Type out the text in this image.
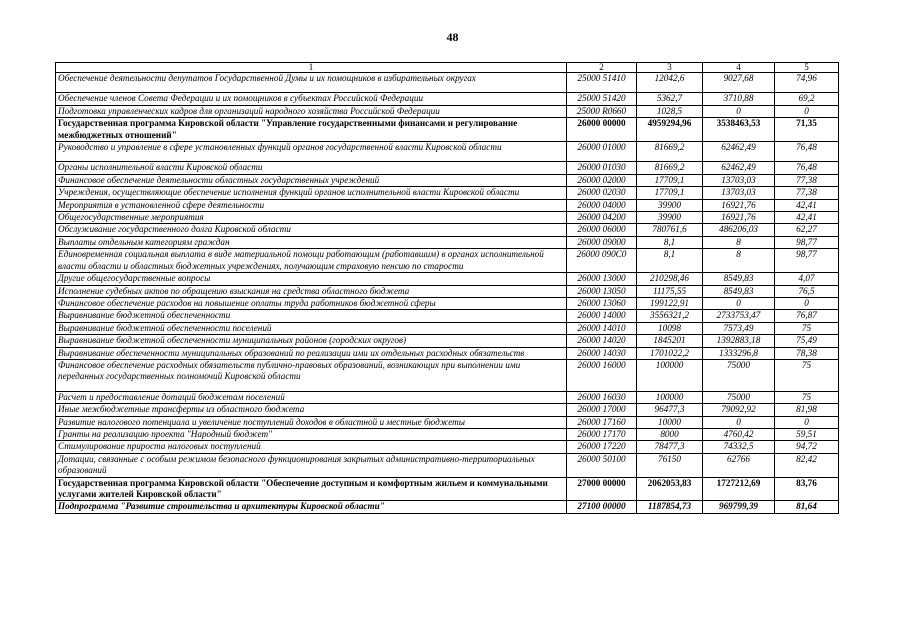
48
1	2	3	4	5
Обеспечение деятельности депутатов Государственной Думы и их помощников в избирательных округах	25000 51410	12042,6	9027,68	74,96
Обеспечение членов Совета Федерации и их помощников в субъектах Российской Федерации	25000 51420	5362,7	3710,88	69,2
Подготовка управленческих кадров для организаций народного хозяйства Российской Федерации	25000 R0660	1028,5	0	0
Государственная программа Кировской области "Управление государственными финансами и регулирование межбюджетных отношений"	26000 00000	4959294,96	3538463,53	71,35
Руководство и управление в сфере установленных функций органов государственной власти Кировской области	26000 01000	81669,2	62462,49	76,48
Органы исполнительной власти Кировской области	26000 01030	81669,2	62462,49	76,48
Финансовое обеспечение деятельности областных государственных учреждений	26000 02000	17709,1	13703,03	77,38
Учреждения, осуществляющие обеспечение исполнения функций органов исполнительной власти Кировской области	26000 02030	17709,1	13703,03	77,38
Мероприятия в установленной сфере деятельности	26000 04000	39900	16921,76	42,41
Общегосударственные мероприятия	26000 04200	39900	16921,76	42,41
Обслуживание государственного долга Кировской области	26000 06000	780761,6	486206,03	62,27
Выплаты отдельным категориям граждан	26000 09000	8,1	8	98,77
Единовременная социальная выплата в виде материальной помощи работающим (работавшим) в органах исполнительной власти области и областных бюджетных учреждениях, получающим страховую пенсию по старости	26000 090С0	8,1	8	98,77
Другие общегосударственные вопросы	26000 13000	210298,46	8549,83	4,07
Исполнение судебных актов по обращению взыскания на средства областного бюджета	26000 13050	11175,55	8549,83	76,5
Финансовое обеспечение расходов на повышение оплаты труда работников бюджетной сферы	26000 13060	199122,91	0	0
Выравнивание бюджетной обеспеченности	26000 14000	3556321,2	2733753,47	76,87
Выравнивание бюджетной обеспеченности поселений	26000 14010	10098	7573,49	75
Выравнивание бюджетной обеспеченности муниципальных районов (городских округов)	26000 14020	1845201	1392883,18	75,49
Выравнивание обеспеченности муниципальных образований по реализации ими их отдельных расходных обязательств	26000 14030	1701022,2	1333296,8	78,38
Финансовое обеспечение расходных обязательств публично-правовых образований, возникающих при выполнении ими переданных государственных полномочий Кировской области	26000 16000	100000	75000	75
Расчет и предоставление дотаций бюджетам поселений	26000 16030	100000	75000	75
Иные межбюджетные трансферты из областного бюджета	26000 17000	96477,3	79092,92	81,98
Развитие налогового потенциала и увеличение поступлений доходов в областной и местные бюджеты	26000 17160	10000	0	0
Гранты на реализацию проекта "Народный бюджет"	26000 17170	8000	4760,42	59,51
Стимулирование прироста налоговых поступлений	26000 17220	78477,3	74332,5	94,72
Дотации, связанные с особым режимом безопасного функционирования закрытых административно-территориальных образований	26000 50100	76150	62766	82,42
Государственная программа Кировской области "Обеспечение доступным и комфортным жильем и коммунальными услугами жителей Кировской области"	27000 00000	2062053,83	1727212,69	83,76
Подпрограмма "Развитие строительства и архитектуры Кировской области"	27100 00000	1187854,73	969799,39	81,64
